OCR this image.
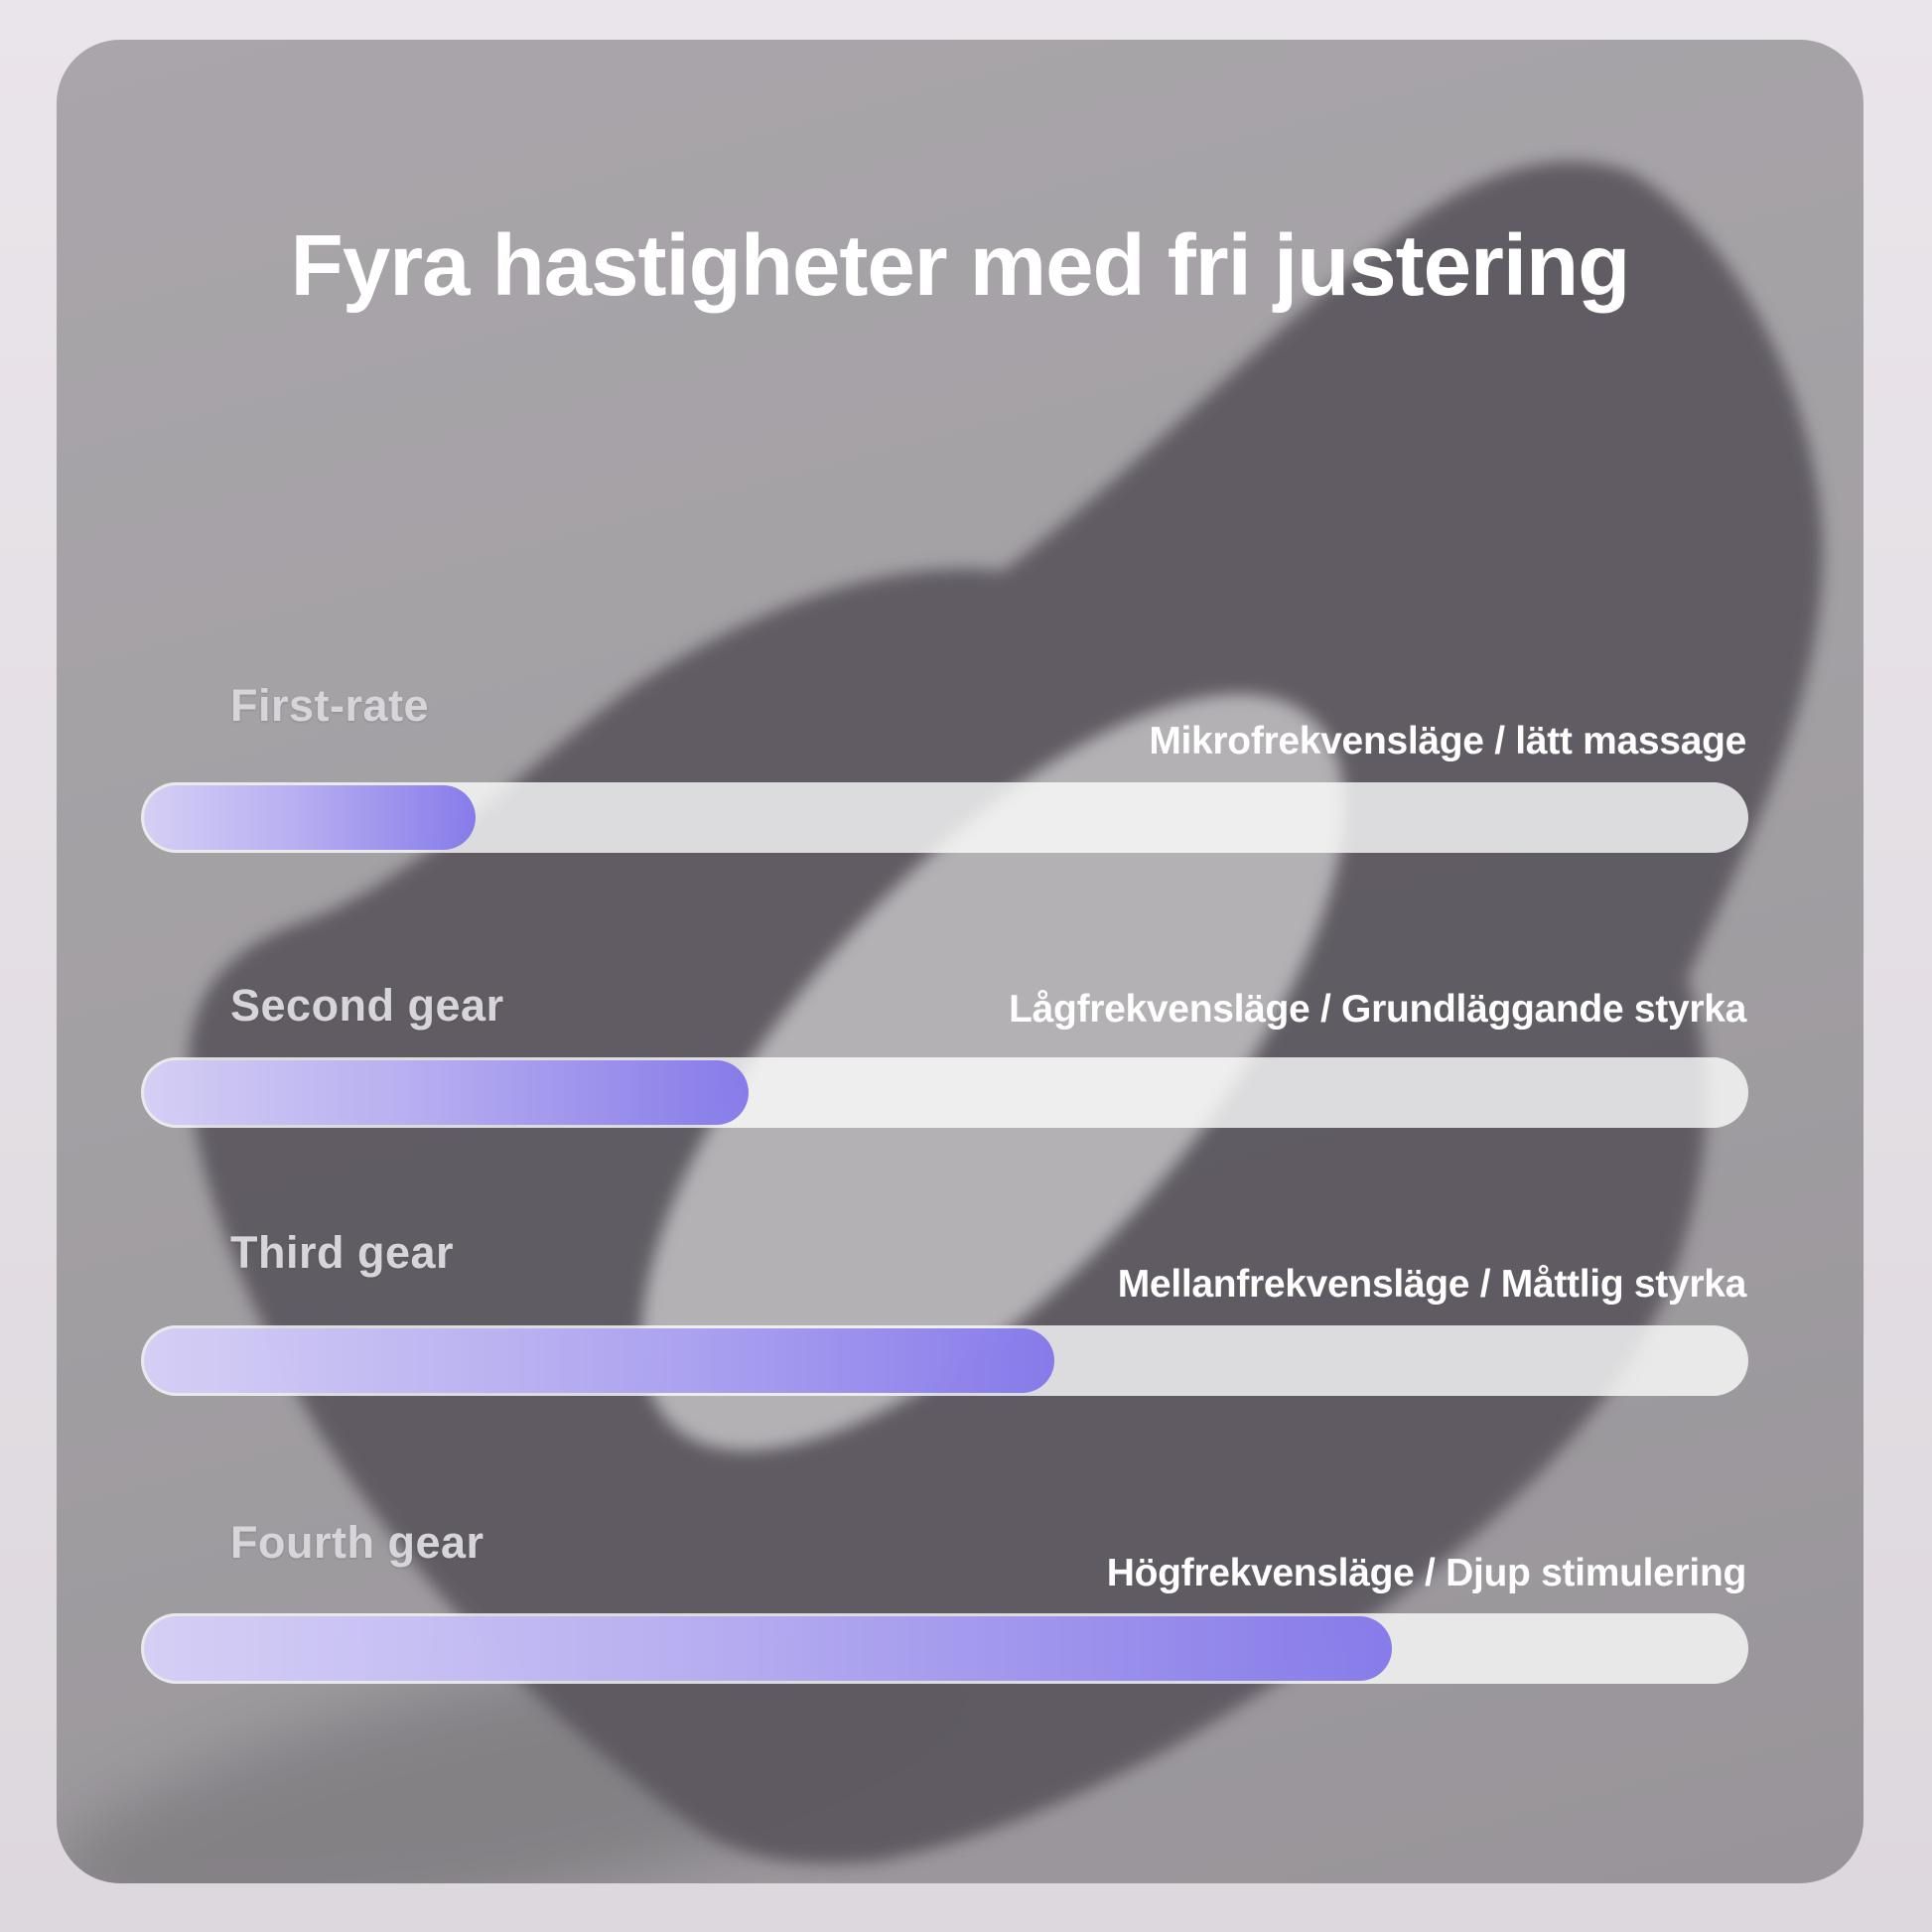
Fyra hastigheter med fri justering
First-rate
Mikrofrekvensläge / lätt massage
Second gear	Lågfrekvensläge / Grundläggande styrka
Third gear
Mellanfrekvensläge / Måttlig styrka
Fourth gear
Högfrekvensläge / Djup stimulering
